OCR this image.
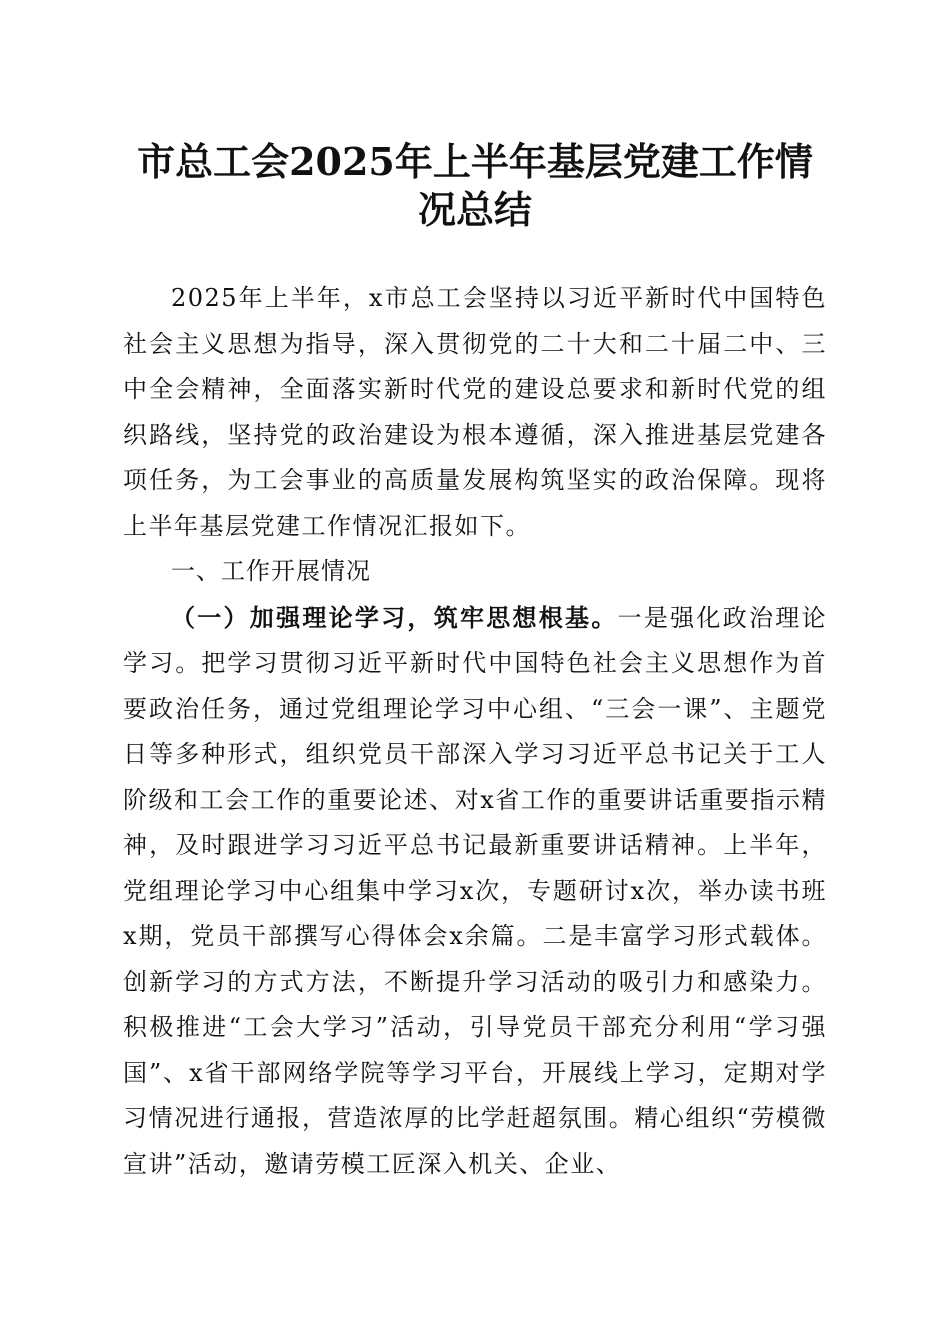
市总工会2025年上半年基层党建工作情况总结

2025年上半年，x市总工会坚持以习近平新时代中国特色社会主义思想为指导，深入贯彻党的二十大和二十届二中、三中全会精神，全面落实新时代党的建设总要求和新时代党的组织路线，坚持党的政治建设为根本遵循，深入推进基层党建各项任务，为工会事业的高质量发展构筑坚实的政治保障。现将上半年基层党建工作情况汇报如下。

一、工作开展情况

（一）加强理论学习，筑牢思想根基。一是强化政治理论学习。把学习贯彻习近平新时代中国特色社会主义思想作为首要政治任务，通过党组理论学习中心组、“三会一课”、主题党日等多种形式，组织党员干部深入学习习近平总书记关于工人阶级和工会工作的重要论述、对x省工作的重要讲话重要指示精神，及时跟进学习习近平总书记最新重要讲话精神。上半年，党组理论学习中心组集中学习x次，专题研讨x次，举办读书班x期，党员干部撰写心得体会x余篇。二是丰富学习形式载体。创新学习的方式方法，不断提升学习活动的吸引力和感染力。积极推进“工会大学习”活动，引导党员干部充分利用“学习强国”、x省干部网络学院等学习平台，开展线上学习，定期对学习情况进行通报，营造浓厚的比学赶超氛围。精心组织“劳模微宣讲”活动，邀请劳模工匠深入机关、企业、
